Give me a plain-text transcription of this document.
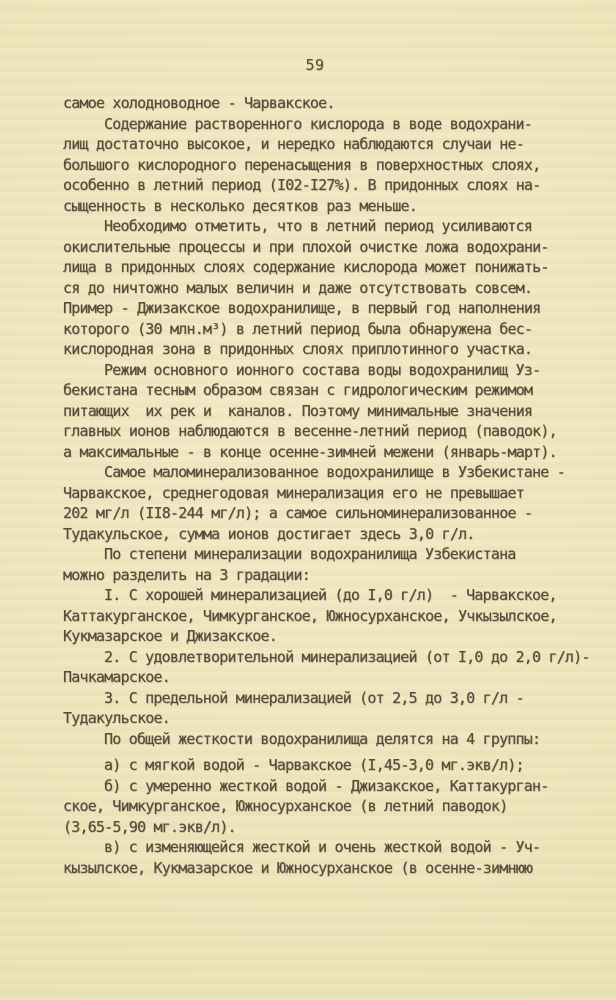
59
самое холодноводное - Чарвакское.
Содержание растворенного кислорода в воде водохрани-
лищ достаточно высокое, и нередко наблюдаются случаи не-
большого кислородного перенасыщения в поверхностных слоях,
особенно в летний период (I02-I27%). В придонных слоях на-
сыщенность в несколько десятков раз меньше.
Необходимо отметить, что в летний период усиливаются
окислительные процессы и при плохой очистке ложа водохрани-
лища в придонных слоях содержание кислорода может понижать-
ся до ничтожно малых величин и даже отсутствовать совсем.
Пример - Джизакское водохранилище, в первый год наполнения
которого (30 млн.м³) в летний период была обнаружена бес-
кислородная зона в придонных слоях приплотинного участка.
Режим основного ионного состава воды водохранилищ Уз-
бекистана тесным образом связан с гидрологическим режимом
питающих  их рек и  каналов. Поэтому минимальные значения
главных ионов наблюдаются в весенне-летний период (паводок),
а максимальные - в конце осенне-зимней межени (январь-март).
Самое маломинерализованное водохранилище в Узбекистане -
Чарвакское, среднегодовая минерализация его не превышает
202 мг/л (II8-244 мг/л); а самое сильноминерализованное -
Тудакульское, сумма ионов достигает здесь 3,0 г/л.
По степени минерализации водохранилища Узбекистана
можно разделить на 3 градации:
I. С хорошей минерализацией (до I,0 г/л)  - Чарвакское,
Каттакурганское, Чимкурганское, Южносурханское, Учкызылское,
Кукмазарское и Джизакское.
2. С удовлетворительной минерализацией (от I,0 до 2,0 г/л)-
Пачкамарское.
3. С предельной минерализацией (от 2,5 до 3,0 г/л -
Тудакульское.
По общей жесткости водохранилища делятся на 4 группы:
а) с мягкой водой - Чарвакское (I,45-3,0 мг.экв/л);
б) с умеренно жесткой водой - Джизакское, Каттакурган-
ское, Чимкурганское, Южносурханское (в летний паводок)
(3,65-5,90 мг.экв/л).
в) с изменяющейся жесткой и очень жесткой водой - Уч-
кызылское, Кукмазарское и Южносурханское (в осенне-зимнюю
